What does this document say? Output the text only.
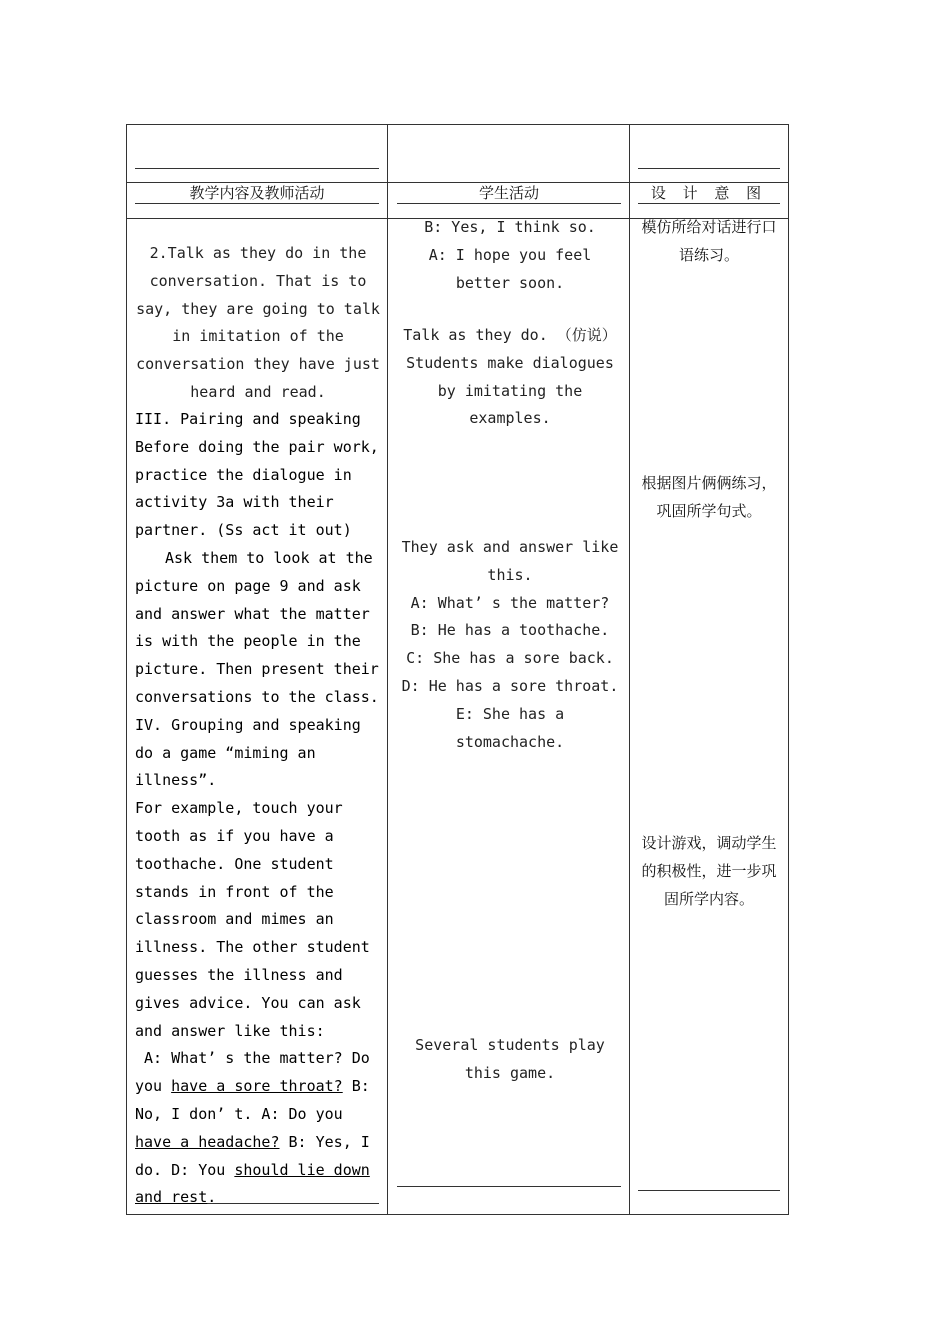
教学内容及教师活动	学生活动	设 计 意 图
2.Talk as they do in the conversation. That is to say, they are going to talk in imitation of the conversation they have just heard and read.

III. Pairing and speaking

Before doing the pair work, practice the dialogue in activity 3a with their partner. (Ss act it out)

Ask them to look at the picture on page 9 and ask and answer what the matter is with the people in the picture. Then present their conversations to the class.

IV. Grouping and speaking

do a game “miming an illness”.

For example, touch your tooth as if you have a toothache. One student stands in front of the classroom and mimes an illness. The other student guesses the illness and gives advice. You can ask and answer like this:

A: What’ s the matter? Do you have a sore throat? B: No, I don’ t. A: Do you have a headache? B: Yes, I do. D: You should lie down and rest.

B: Yes, I think so.
A: I hope you feel
better soon.
Talk as they do. （仿说）Students make dialogues by imitating the examples.
They ask and answer like this.
A: What’ s the matter?
B: He has a toothache.
C: She has a sore back.
D: He has a sore throat.
E: She has a
stomachache.
Several students play this game.
模仿所给对话进行口语练习。
根据图片俩俩练习，巩固所学句式。
设计游戏，调动学生的积极性，进一步巩
固所学内容。
